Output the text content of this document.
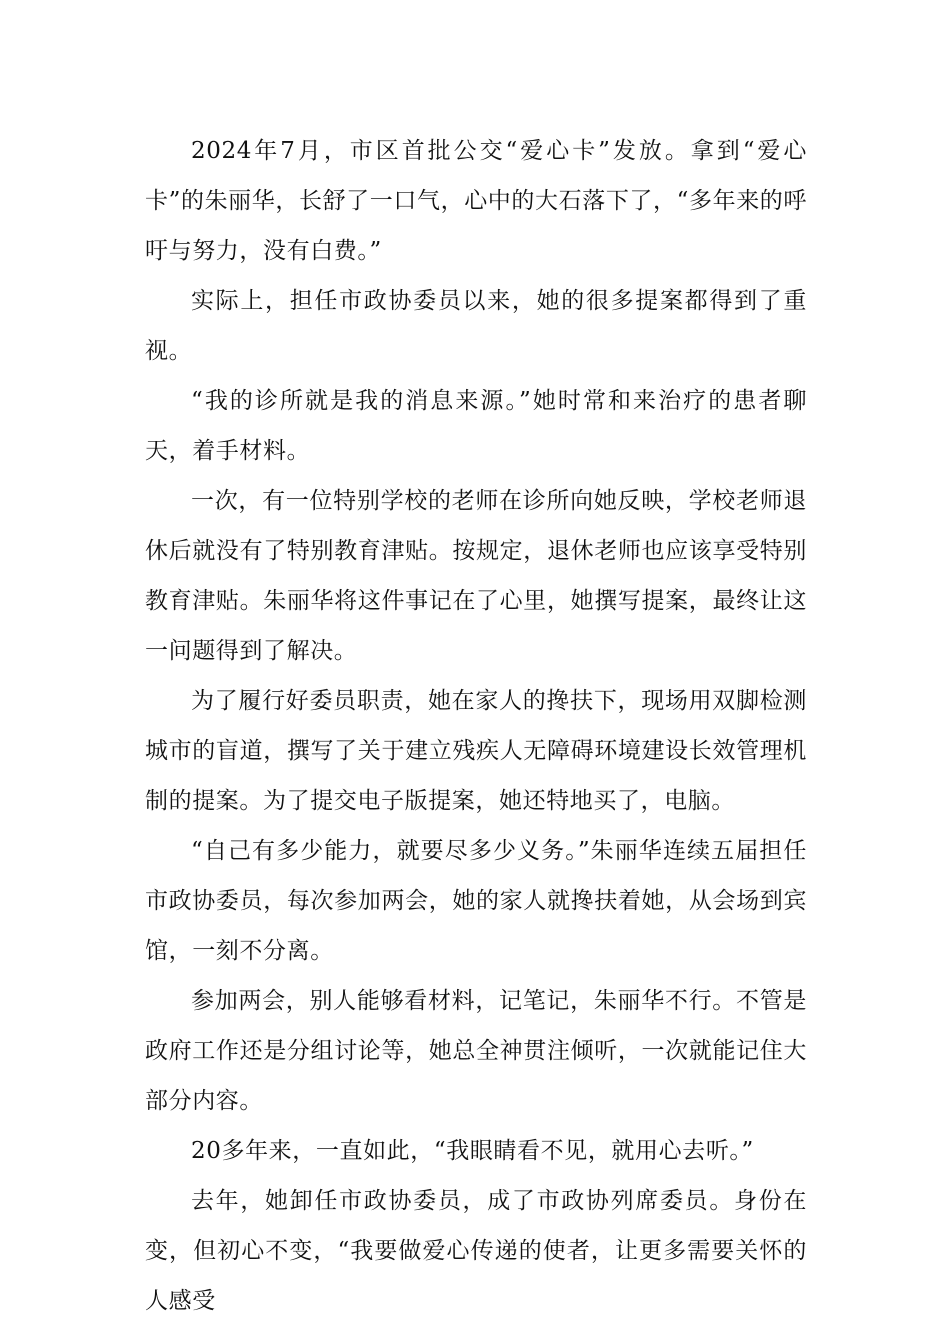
2024年7月，市区首批公交“爱心卡”发放。拿到“爱心卡”的朱丽华，长舒了一口气，心中的大石落下了，“多年来的呼吁与努力，没有白费。”

实际上，担任市政协委员以来，她的很多提案都得到了重视。

“我的诊所就是我的消息来源。”她时常和来治疗的患者聊天，着手材料。

一次，有一位特别学校的老师在诊所向她反映，学校老师退休后就没有了特别教育津贴。按规定，退休老师也应该享受特别教育津贴。朱丽华将这件事记在了心里，她撰写提案，最终让这一问题得到了解决。

为了履行好委员职责，她在家人的搀扶下，现场用双脚检测城市的盲道，撰写了关于建立残疾人无障碍环境建设长效管理机制的提案。为了提交电子版提案，她还特地买了，电脑。

“自己有多少能力，就要尽多少义务。”朱丽华连续五届担任市政协委员，每次参加两会，她的家人就搀扶着她，从会场到宾馆，一刻不分离。

参加两会，别人能够看材料，记笔记，朱丽华不行。不管是政府工作还是分组讨论等，她总全神贯注倾听，一次就能记住大部分内容。

20多年来，一直如此，“我眼睛看不见，就用心去听。”

去年，她卸任市政协委员，成了市政协列席委员。身份在变，但初心不变，“我要做爱心传递的使者，让更多需要关怀的人感受
